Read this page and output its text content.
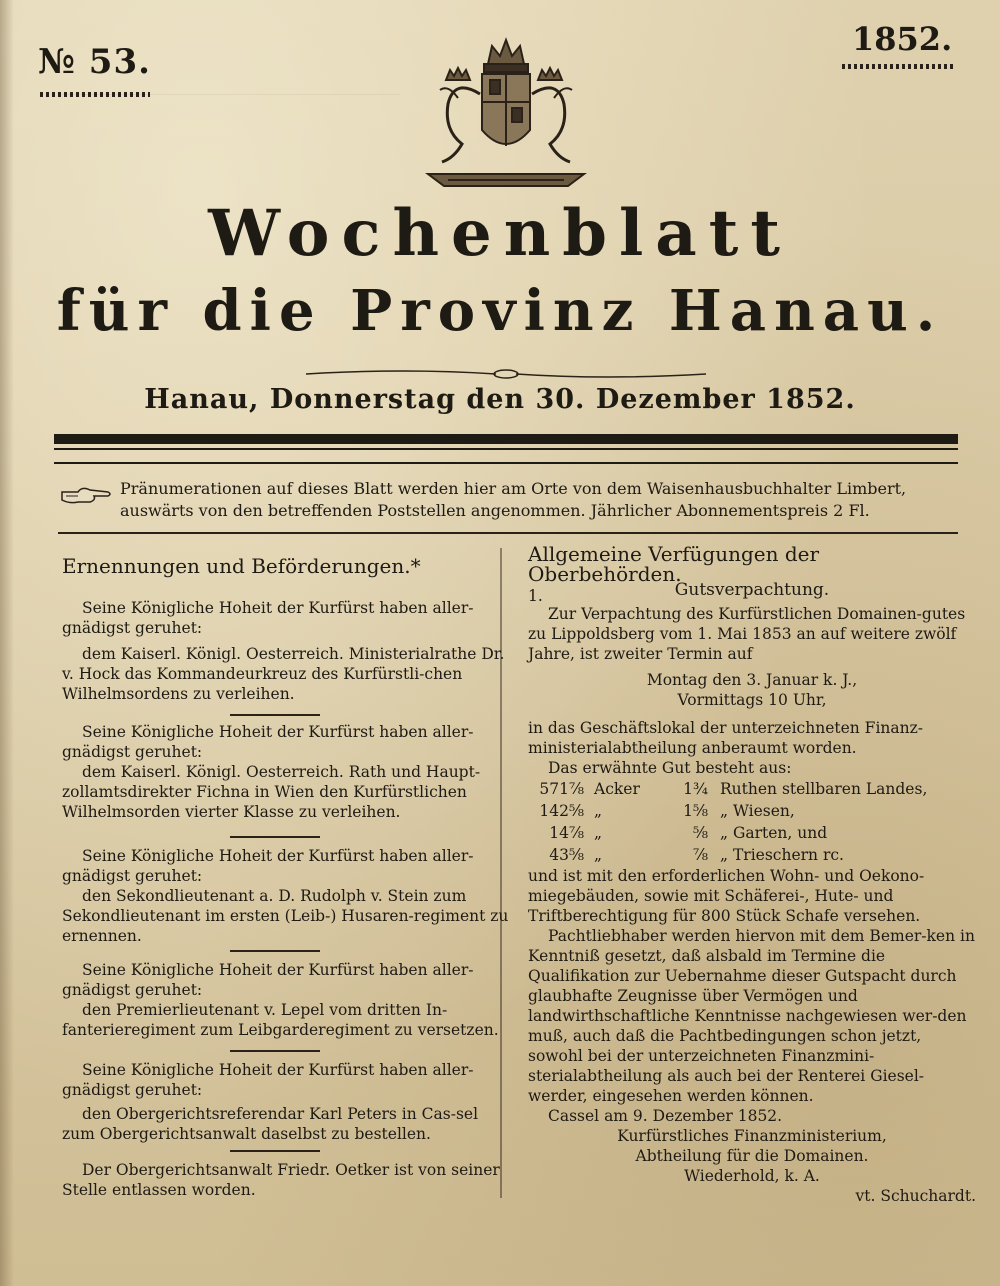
№ 53.
1852.
Wochenblatt
für die Provinz Hanau.
Hanau, Donnerstag den 30. Dezember 1852.
Pränumerationen auf dieses Blatt werden hier am Orte von dem Waisenhausbuchhalter Limbert,
auswärts von den betreffenden Poststellen angenommen. Jährlicher Abonnementspreis 2 Fl.
Ernennungen und Beförderungen.*

Seine Königliche Hoheit der Kurfürst haben aller-gnädigst geruhet:

dem Kaiserl. Königl. Oesterreich. Ministerialrathe Dr. v. Hock das Kommandeurkreuz des Kurfürstli-chen Wilhelmsordens zu verleihen.

Seine Königliche Hoheit der Kurfürst haben aller-gnädigst geruhet:

dem Kaiserl. Königl. Oesterreich. Rath und Haupt-zollamtsdirekter Fichna in Wien den Kurfürstlichen Wilhelmsorden vierter Klasse zu verleihen.

Seine Königliche Hoheit der Kurfürst haben aller-gnädigst geruhet:

den Sekondlieutenant a. D. Rudolph v. Stein zum Sekondlieutenant im ersten (Leib-) Husaren-regiment zu ernennen.

Seine Königliche Hoheit der Kurfürst haben aller-gnädigst geruhet:

den Premierlieutenant v. Lepel vom dritten In-fanterieregiment zum Leibgarderegiment zu versetzen.

Seine Königliche Hoheit der Kurfürst haben aller-gnädigst geruhet:

den Obergerichtsreferendar Karl Peters in Cas-sel zum Obergerichtsanwalt daselbst zu bestellen.

Der Obergerichtsanwalt Friedr. Oetker ist von seiner Stelle entlassen worden.

Allgemeine Verfügungen der Oberbehörden.
1.	Gutsverpachtung.

Zur Verpachtung des Kurfürstlichen Domainen-gutes zu Lippoldsberg vom 1. Mai 1853 an auf weitere zwölf Jahre, ist zweiter Termin auf

Montag den 3. Januar k. J.,

Vormittags 10 Uhr,

in das Geschäftslokal der unterzeichneten Finanz-ministerialabtheilung anberaumt worden.

Das erwähnte Gut besteht aus:

571⅞ Acker	1¾ Ruthen stellbaren Landes,
142⅝ „	1⅝ „ Wiesen,
14⅞ „	⅝ „ Garten, und
43⅝ „	⅞ „ Trieschern rc.

und ist mit den erforderlichen Wohn- und Oekono-miegebäuden, sowie mit Schäferei-, Hute- und Triftberechtigung für 800 Stück Schafe versehen.

Pachtliebhaber werden hiervon mit dem Bemer-ken in Kenntniß gesetzt, daß alsbald im Termine die Qualifikation zur Uebernahme dieser Gutspacht durch glaubhafte Zeugnisse über Vermögen und landwirthschaftliche Kenntnisse nachgewiesen wer-den muß, auch daß die Pachtbedingungen schon jetzt, sowohl bei der unterzeichneten Finanzmini-sterialabtheilung als auch bei der Renterei Giesel-werder, eingesehen werden können.

Cassel am 9. Dezember 1852.

Kurfürstliches Finanzministerium,

Abtheilung für die Domainen.

Wiederhold, k. A.

vt. Schuchardt.
